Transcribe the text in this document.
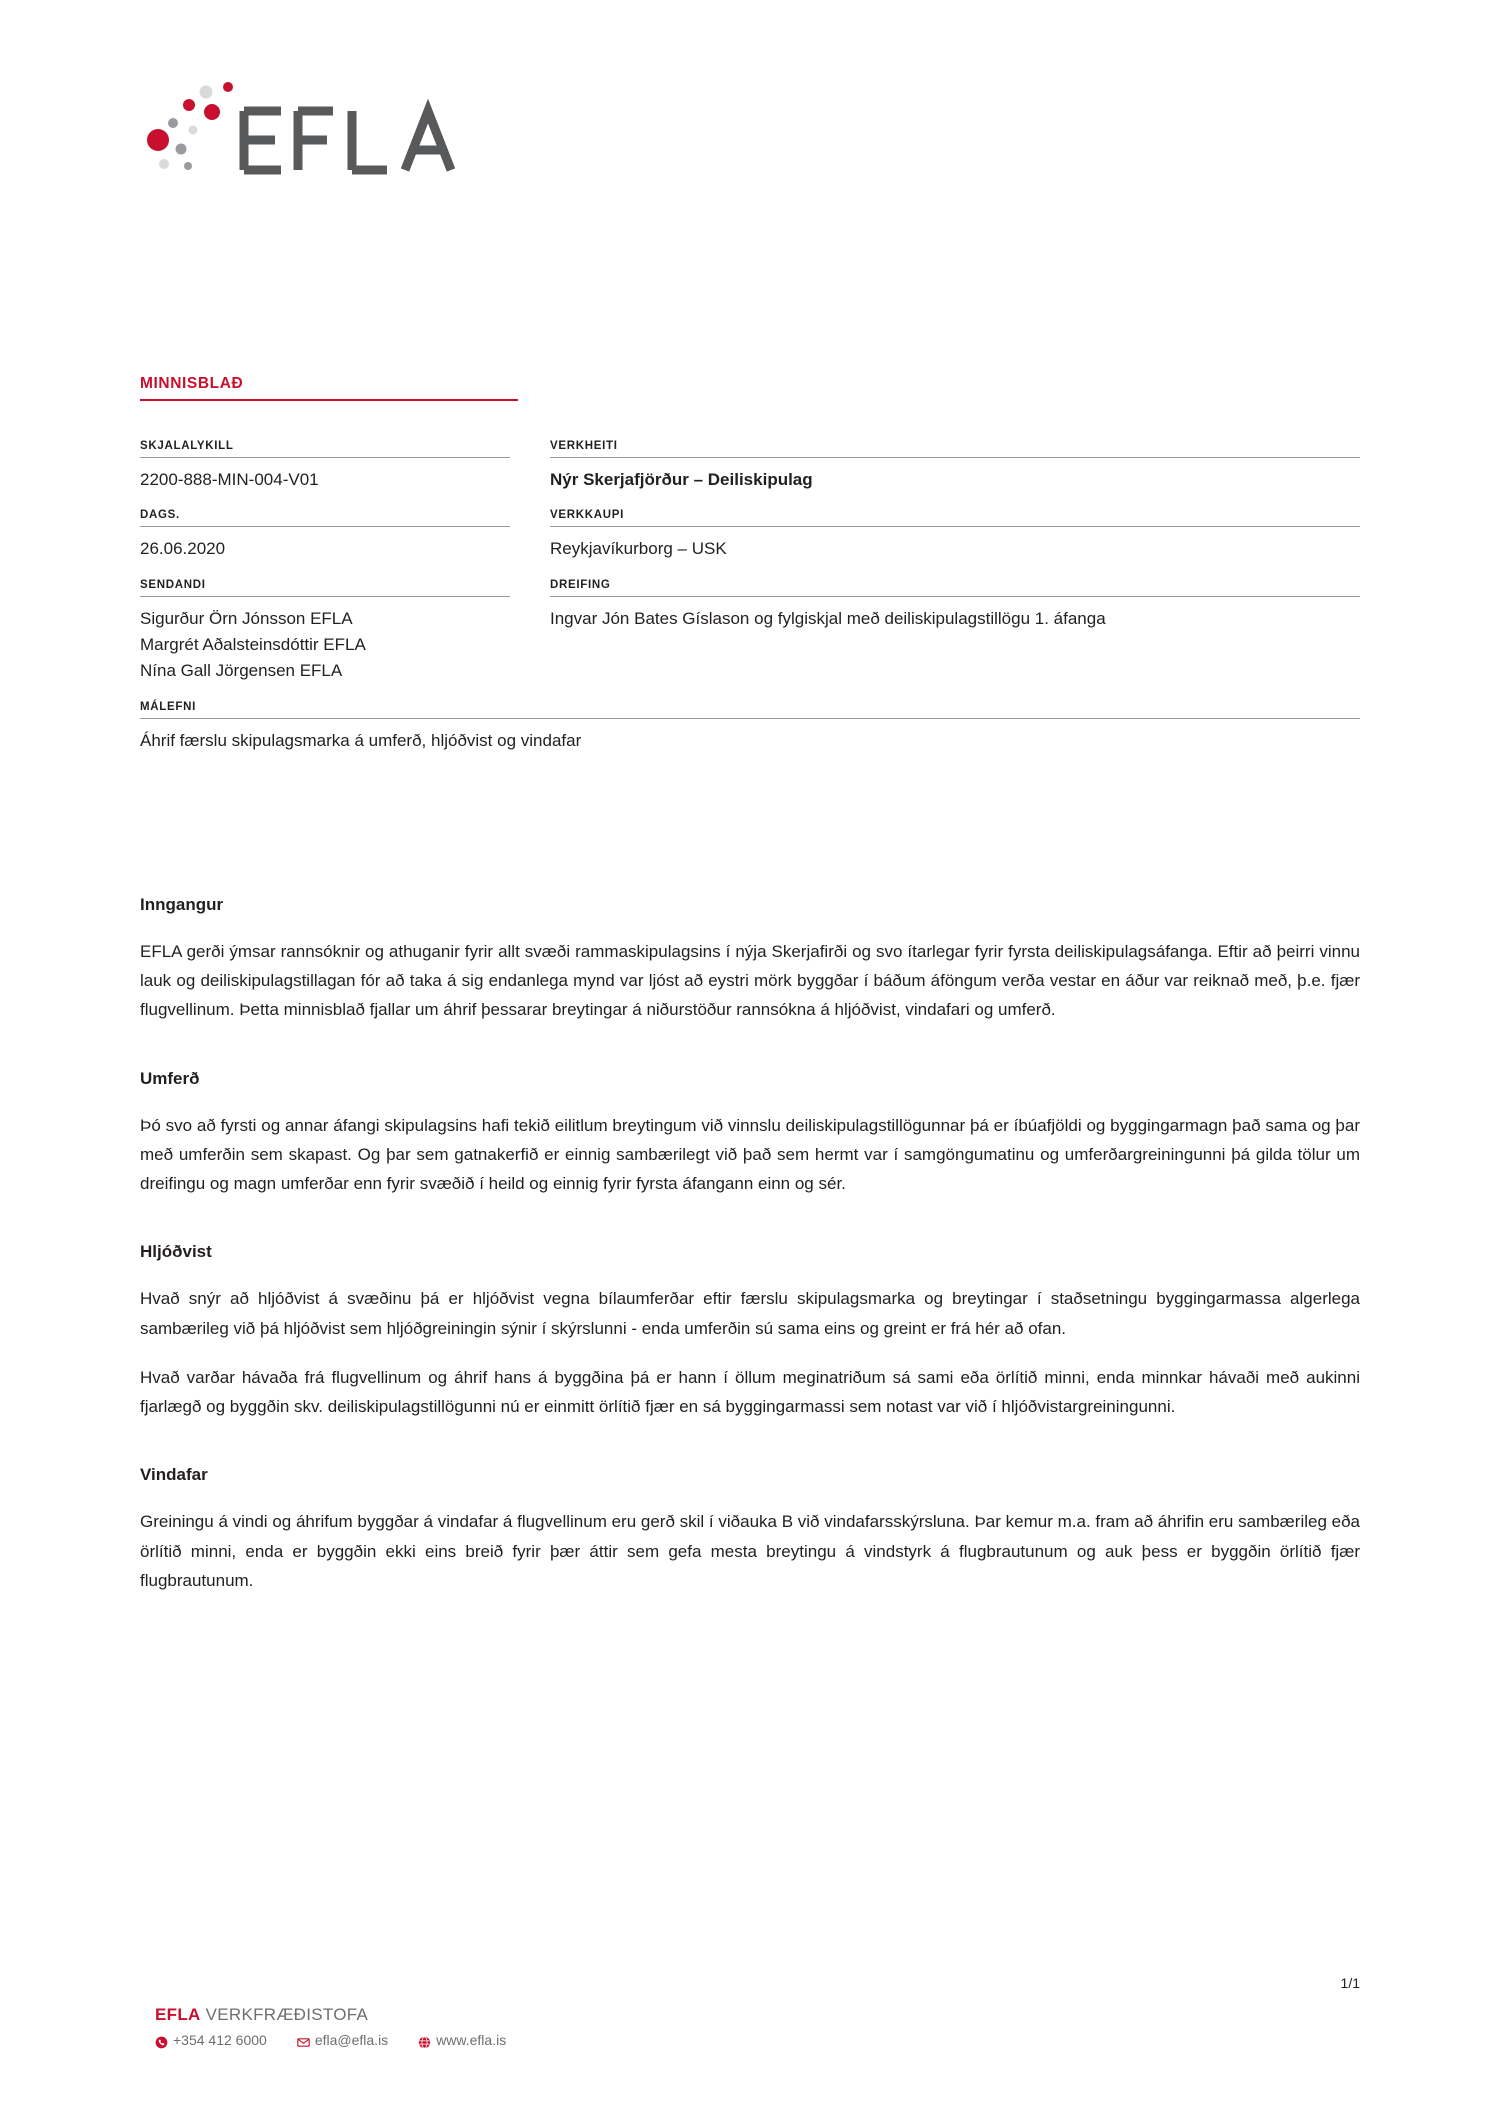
MINNISBLAÐ
SKJALALYKILL
2200-888-MIN-004-V01
VERKHEITI
Nýr Skerjafjörður – Deiliskipulag
DAGS.
26.06.2020
VERKKAUPI
Reykjavíkurborg – USK
SENDANDI
Sigurður Örn Jónsson EFLA
Margrét Aðalsteinsdóttir EFLA
Nína Gall Jörgensen EFLA
DREIFING
Ingvar Jón Bates Gíslason og fylgiskjal með deiliskipulagstillögu 1. áfanga
MÁLEFNI
Áhrif færslu skipulagsmarka á umferð, hljóðvist og vindafar
Inngangur

EFLA gerði ýmsar rannsóknir og athuganir fyrir allt svæði rammaskipulagsins í nýja Skerjafirði og svo ítarlegar fyrir fyrsta deiliskipulagsáfanga. Eftir að þeirri vinnu lauk og deiliskipulagstillagan fór að taka á sig endanlega mynd var ljóst að eystri mörk byggðar í báðum áföngum verða vestar en áður var reiknað með, þ.e. fjær flugvellinum. Þetta minnisblað fjallar um áhrif þessarar breytingar á niðurstöður rannsókna á hljóðvist, vindafari og umferð.

Umferð

Þó svo að fyrsti og annar áfangi skipulagsins hafi tekið eilitlum breytingum við vinnslu deiliskipulagstillögunnar þá er íbúafjöldi og byggingarmagn það sama og þar með umferðin sem skapast. Og þar sem gatnakerfið er einnig sambærilegt við það sem hermt var í samgöngumatinu og umferðargreiningunni þá gilda tölur um dreifingu og magn umferðar enn fyrir svæðið í heild og einnig fyrir fyrsta áfangann einn og sér.

Hljóðvist

Hvað snýr að hljóðvist á svæðinu þá er hljóðvist vegna bílaumferðar eftir færslu skipulagsmarka og breytingar í staðsetningu byggingarmassa algerlega sambærileg við þá hljóðvist sem hljóðgreiningin sýnir í skýrslunni - enda umferðin sú sama eins og greint er frá hér að ofan.

Hvað varðar hávaða frá flugvellinum og áhrif hans á byggðina þá er hann í öllum meginatriðum sá sami eða örlítið minni, enda minnkar hávaði með aukinni fjarlægð og byggðin skv. deiliskipulagstillögunni nú er einmitt örlítið fjær en sá byggingarmassi sem notast var við í hljóðvistargreiningunni.

Vindafar

Greiningu á vindi og áhrifum byggðar á vindafar á flugvellinum eru gerð skil í viðauka B við vindafarsskýrsluna. Þar kemur m.a. fram að áhrifin eru sambærileg eða örlítið minni, enda er byggðin ekki eins breið fyrir þær áttir sem gefa mesta breytingu á vindstyrk á flugbrautunum og auk þess er byggðin örlítið fjær flugbrautunum.

1/1
EFLA VERKFRÆÐISTOFA
+354 412 6000	efla@efla.is	www.efla.is
